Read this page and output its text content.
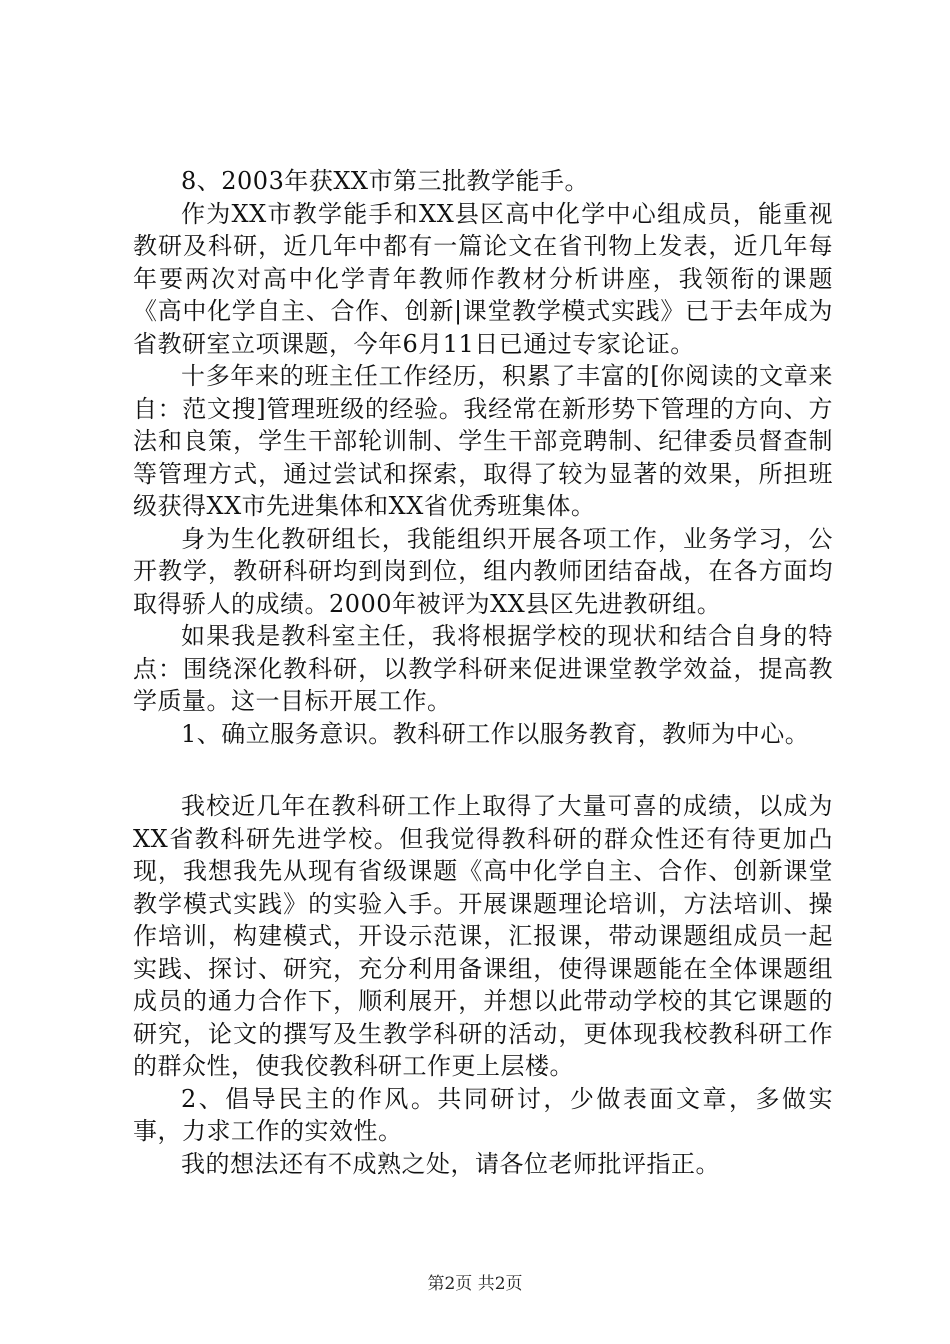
8、2003年获XX市第三批教学能手。

作为XX市教学能手和XX县区高中化学中心组成员，能重视教研及科研，近几年中都有一篇论文在省刊物上发表，近几年每年要两次对高中化学青年教师作教材分析讲座，我领衔的课题《高中化学自主、合作、创新|课堂教学模式实践》已于去年成为省教研室立项课题，今年6月11日已通过专家论证。

十多年来的班主任工作经历，积累了丰富的[你阅读的文章来自：范文搜]管理班级的经验。我经常在新形势下管理的方向、方法和良策，学生干部轮训制、学生干部竞聘制、纪律委员督查制等管理方式，通过尝试和探索，取得了较为显著的效果，所担班级获得XX市先进集体和XX省优秀班集体。

身为生化教研组长，我能组织开展各项工作，业务学习，公开教学，教研科研均到岗到位，组内教师团结奋战，在各方面均取得骄人的成绩。2000年被评为XX县区先进教研组。

如果我是教科室主任，我将根据学校的现状和结合自身的特点：围绕深化教科研，以教学科研来促进课堂教学效益，提高教学质量。这一目标开展工作。

1、确立服务意识。教科研工作以服务教育，教师为中心。

我校近几年在教科研工作上取得了大量可喜的成绩，以成为XX省教科研先进学校。但我觉得教科研的群众性还有待更加凸现，我想我先从现有省级课题《高中化学自主、合作、创新课堂教学模式实践》的实验入手。开展课题理论培训，方法培训、操作培训，构建模式，开设示范课，汇报课，带动课题组成员一起实践、探讨、研究，充分利用备课组，使得课题能在全体课题组成员的通力合作下，顺利展开，并想以此带动学校的其它课题的研究，论文的撰写及生教学科研的活动，更体现我校教科研工作的群众性，使我佼教科研工作更上层楼。

2、倡导民主的作风。共同研讨，少做表面文章，多做实事，力求工作的实效性。

我的想法还有不成熟之处，请各位老师批评指正。

第2页 共2页
